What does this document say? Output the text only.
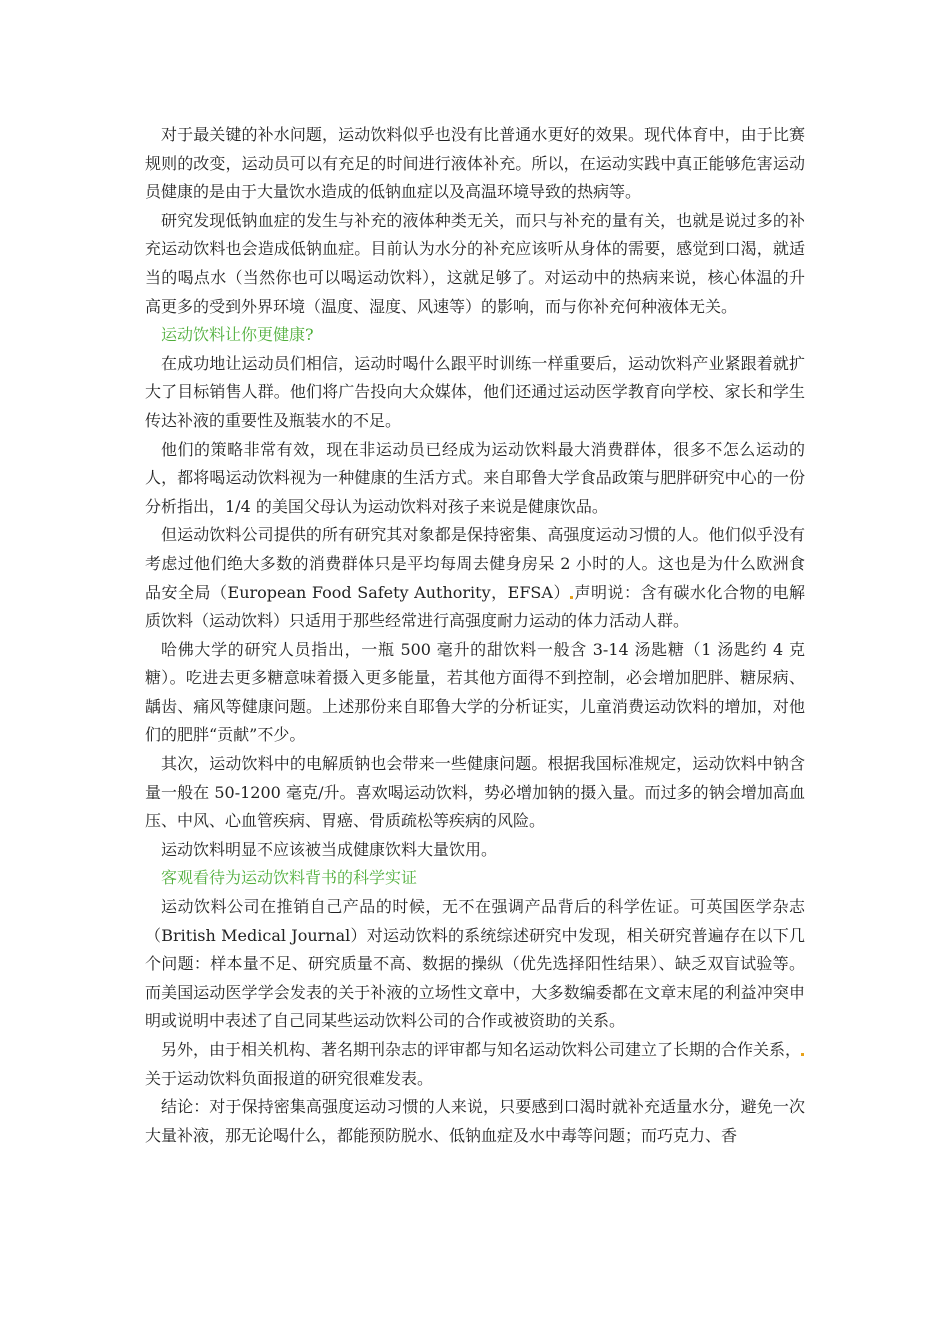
对于最关键的补水问题，运动饮料似乎也没有比普通水更好的效果。现代体育中，由于比赛规则的改变，运动员可以有充足的时间进行液体补充。所以，在运动实践中真正能够危害运动员健康的是由于大量饮水造成的低钠血症以及高温环境导致的热病等。

研究发现低钠血症的发生与补充的液体种类无关，而只与补充的量有关，也就是说过多的补充运动饮料也会造成低钠血症。目前认为水分的补充应该听从身体的需要，感觉到口渴，就适当的喝点水（当然你也可以喝运动饮料），这就足够了。对运动中的热病来说，核心体温的升高更多的受到外界环境（温度、湿度、风速等）的影响，而与你补充何种液体无关。

运动饮料让你更健康?

在成功地让运动员们相信，运动时喝什么跟平时训练一样重要后，运动饮料产业紧跟着就扩大了目标销售人群。他们将广告投向大众媒体，他们还通过运动医学教育向学校、家长和学生传达补液的重要性及瓶装水的不足。

他们的策略非常有效，现在非运动员已经成为运动饮料最大消费群体，很多不怎么运动的人，都将喝运动饮料视为一种健康的生活方式。来自耶鲁大学食品政策与肥胖研究中心的一份分析指出，1/4 的美国父母认为运动饮料对孩子来说是健康饮品。

但运动饮料公司提供的所有研究其对象都是保持密集、高强度运动习惯的人。他们似乎没有考虑过他们绝大多数的消费群体只是平均每周去健身房呆 2 小时的人。这也是为什么欧洲食品安全局（European Food Safety Authority，EFSA） 声明说：含有碳水化合物的电解质饮料（运动饮料）只适用于那些经常进行高强度耐力运动的体力活动人群。

哈佛大学的研究人员指出，一瓶 500 毫升的甜饮料一般含 3-14 汤匙糖（1 汤匙约 4 克糖）。吃进去更多糖意味着摄入更多能量，若其他方面得不到控制，必会增加肥胖、糖尿病、龋齿、痛风等健康问题。上述那份来自耶鲁大学的分析证实，儿童消费运动饮料的增加，对他们的肥胖“贡献”不少。

其次，运动饮料中的电解质钠也会带来一些健康问题。根据我国标准规定，运动饮料中钠含量一般在 50-1200 毫克/升。喜欢喝运动饮料，势必增加钠的摄入量。而过多的钠会增加高血压、中风、心血管疾病、胃癌、骨质疏松等疾病的风险。

运动饮料明显不应该被当成健康饮料大量饮用。

客观看待为运动饮料背书的科学实证

运动饮料公司在推销自己产品的时候，无不在强调产品背后的科学佐证。可英国医学杂志（British Medical Journal）对运动饮料的系统综述研究中发现，相关研究普遍存在以下几个问题：样本量不足、研究质量不高、数据的操纵（优先选择阳性结果）、缺乏双盲试验等。而美国运动医学学会发表的关于补液的立场性文章中，大多数编委都在文章末尾的利益冲突申明或说明中表述了自己同某些运动饮料公司的合作或被资助的关系。

另外，由于相关机构、著名期刊杂志的评审都与知名运动饮料公司建立了长期的合作关系，关于运动饮料负面报道的研究很难发表。

结论：对于保持密集高强度运动习惯的人来说，只要感到口渴时就补充适量水分，避免一次大量补液，那无论喝什么，都能预防脱水、低钠血症及水中毒等问题；而巧克力、香
